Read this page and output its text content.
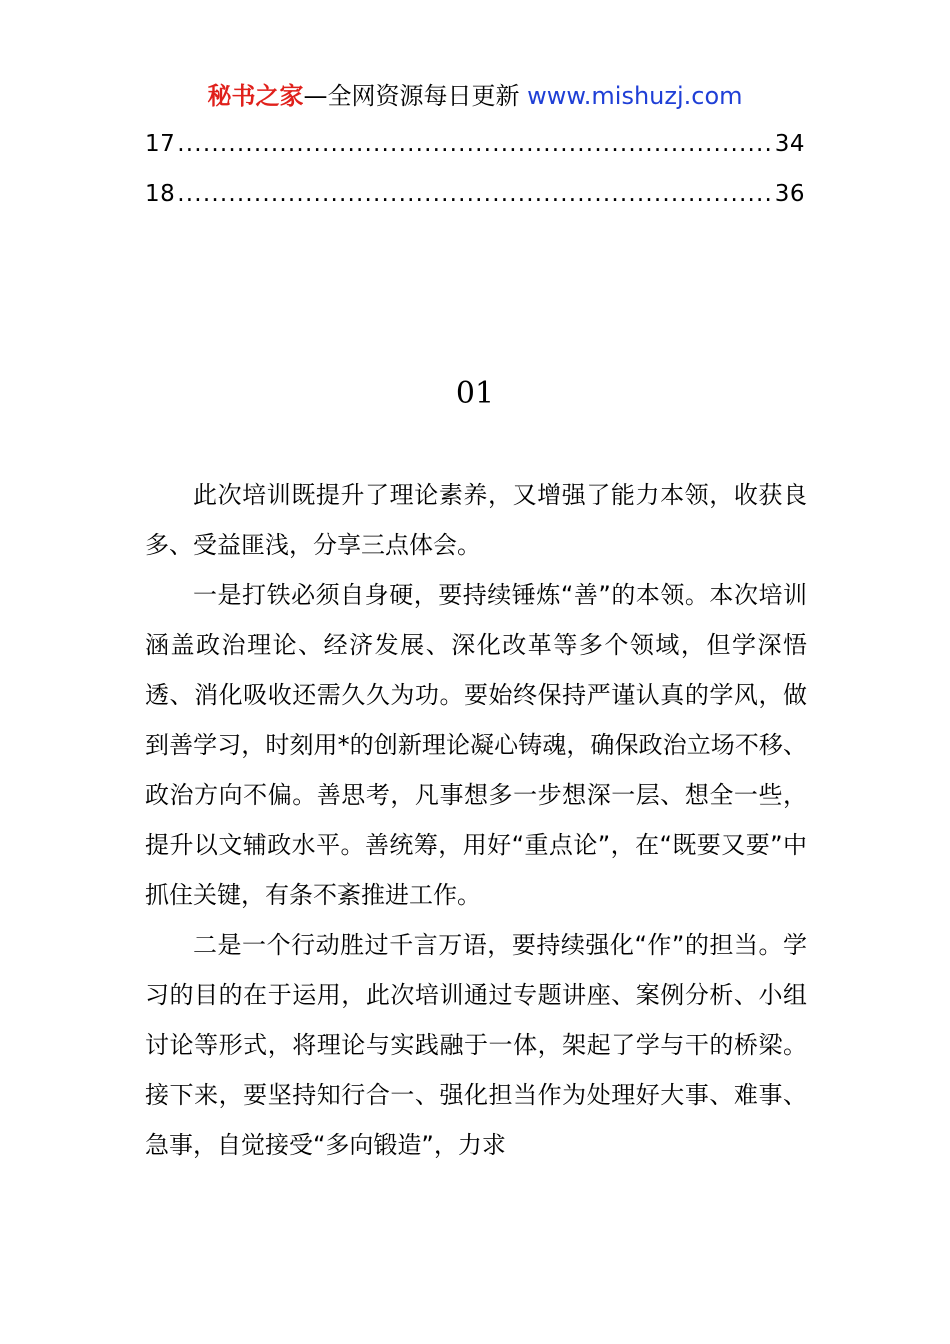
秘书之家—全网资源每日更新 www.mishuzj.com
17 .....	34
18 .....	36
01

此次培训既提升了理论素养，又增强了能力本领，收获良多、受益匪浅，分享三点体会。

一是打铁必须自身硬，要持续锤炼“善”的本领。本次培训涵盖政治理论、经济发展、深化改革等多个领域，但学深悟透、消化吸收还需久久为功。要始终保持严谨认真的学风，做到善学习，时刻用*的创新理论凝心铸魂，确保政治立场不移、政治方向不偏。善思考，凡事想多一步想深一层、想全一些，提升以文辅政水平。善统筹，用好“重点论”，在“既要又要”中抓住关键，有条不紊推进工作。

二是一个行动胜过千言万语，要持续强化“作”的担当。学习的目的在于运用，此次培训通过专题讲座、案例分析、小组讨论等形式，将理论与实践融于一体，架起了学与干的桥梁。接下来，要坚持知行合一、强化担当作为处理好大事、难事、急事，自觉接受“多向锻造”，力求
